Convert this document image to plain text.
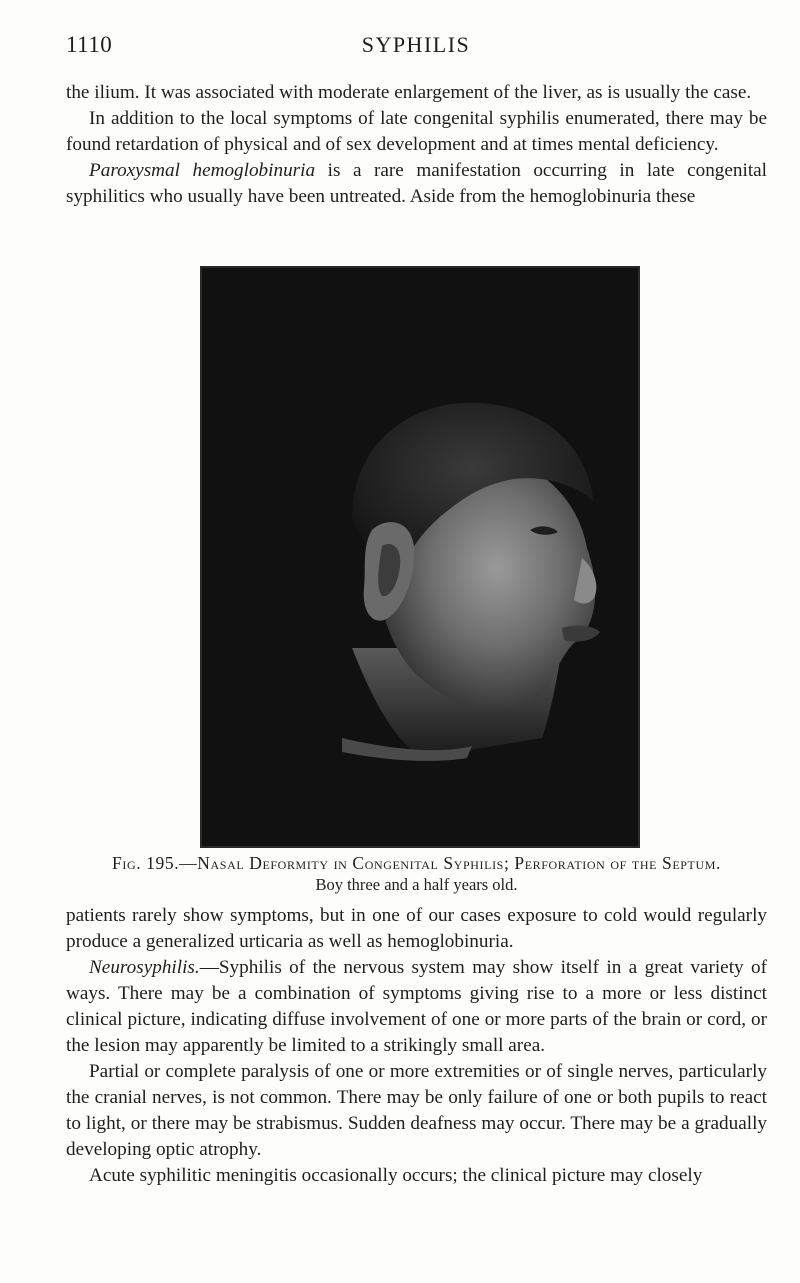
1110	SYPHILIS

the ilium. It was associated with moderate enlargement of the liver, as is usually the case.

In addition to the local symptoms of late congenital syphilis enumerated, there may be found retardation of physical and of sex development and at times mental deficiency.

Paroxysmal hemoglobinuria is a rare manifestation occurring in late congenital syphilitics who usually have been untreated. Aside from the hemoglobinuria these

Fig. 195.—Nasal Deformity in Congenital Syphilis; Perforation of the Septum.
Boy three and a half years old.

patients rarely show symptoms, but in one of our cases exposure to cold would regularly produce a generalized urticaria as well as hemoglobinuria.

Neurosyphilis.—Syphilis of the nervous system may show itself in a great variety of ways. There may be a combination of symptoms giving rise to a more or less distinct clinical picture, indicating diffuse involvement of one or more parts of the brain or cord, or the lesion may apparently be limited to a strikingly small area.

Partial or complete paralysis of one or more extremities or of single nerves, particularly the cranial nerves, is not common. There may be only failure of one or both pupils to react to light, or there may be strabismus. Sudden deafness may occur. There may be a gradually developing optic atrophy.

Acute syphilitic meningitis occasionally occurs; the clinical picture may closely
